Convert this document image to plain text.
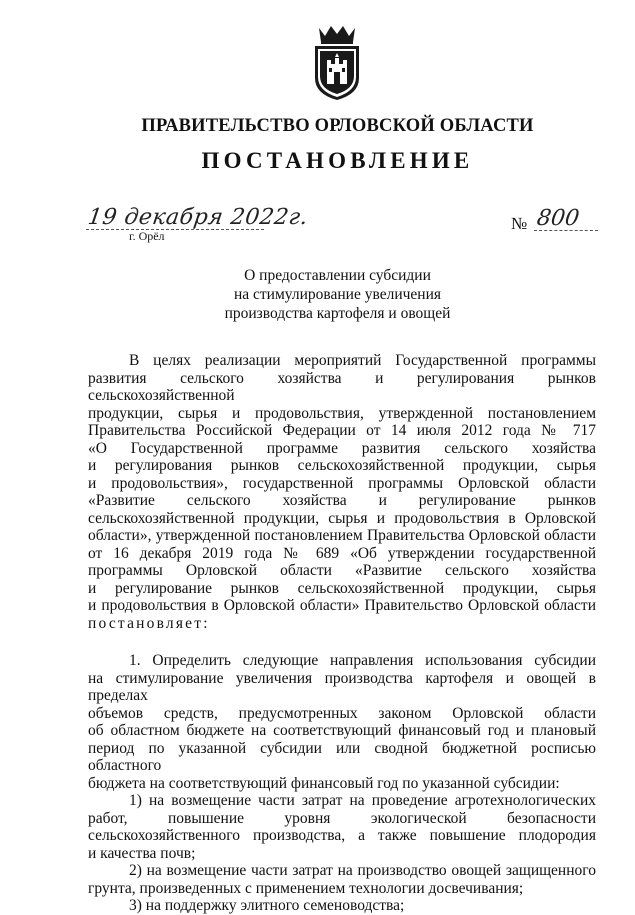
ПРАВИТЕЛЬСТВО ОРЛОВСКОЙ ОБЛАСТИ
ПОСТАНОВЛЕНИЕ
19 декабря 2022г.
г. Орёл
№ 800
О предоставлении субсидии
на стимулирование увеличения
производства картофеля и овощей

В целях реализации мероприятий Государственной программы

развития сельского хозяйства и регулирования рынков сельскохозяйственной

продукции, сырья и продовольствия, утвержденной постановлением

Правительства Российской Федерации от 14 июля 2012 года № 717

«О Государственной программе развития сельского хозяйства

и регулирования рынков сельскохозяйственной продукции, сырья

и продовольствия», государственной программы Орловской области

«Развитие сельского хозяйства и регулирование рынков

сельскохозяйственной продукции, сырья и продовольствия в Орловской

области», утвержденной постановлением Правительства Орловской области

от 16 декабря 2019 года № 689 «Об утверждении государственной

программы Орловской области «Развитие сельского хозяйства

и регулирование рынков сельскохозяйственной продукции, сырья

и продовольствия в Орловской области» Правительство Орловской области

постановляет:

1. Определить следующие направления использования субсидии

на стимулирование увеличения производства картофеля и овощей в пределах

объемов средств, предусмотренных законом Орловской области

об областном бюджете на соответствующий финансовый год и плановый

период по указанной субсидии или сводной бюджетной росписью областного

бюджета на соответствующий финансовый год по указанной субсидии:

1) на возмещение части затрат на проведение агротехнологических

работ, повышение уровня экологической безопасности

сельскохозяйственного производства, а также повышение плодородия

и качества почв;

2) на возмещение части затрат на производство овощей защищенного

грунта, произведенных с применением технологии досвечивания;

3) на поддержку элитного семеноводства;
